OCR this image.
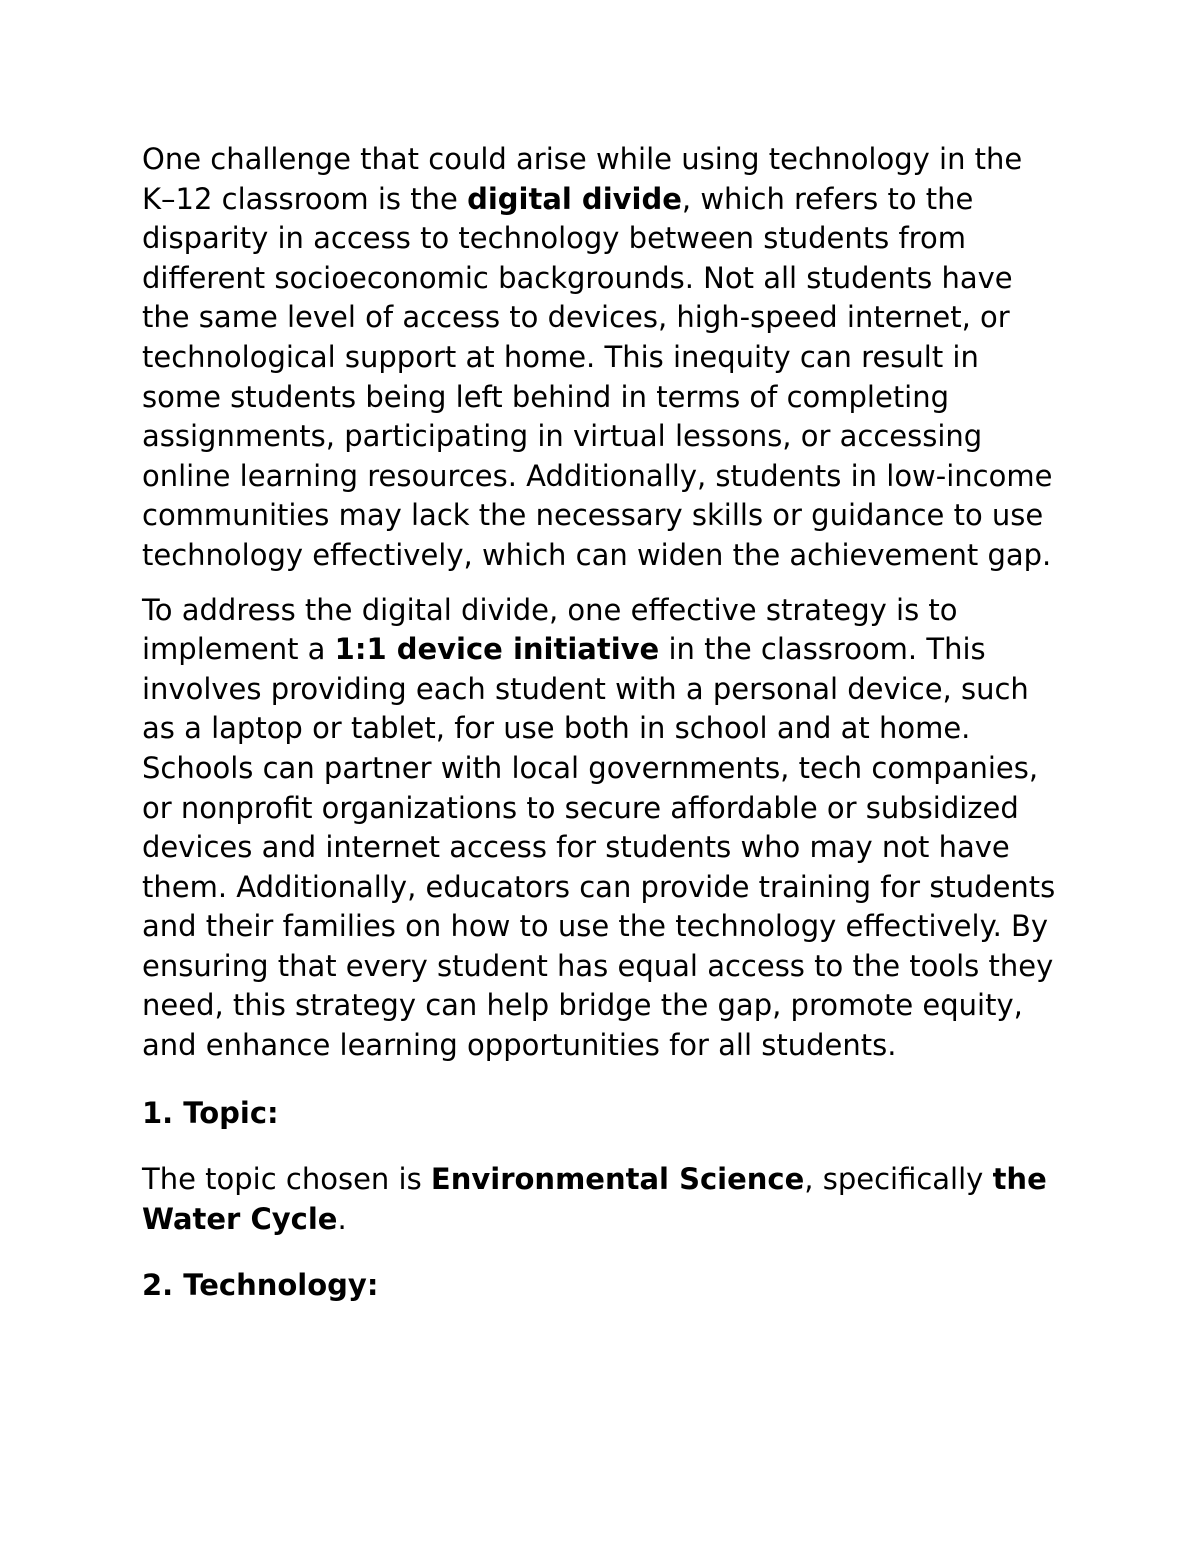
One challenge that could arise while using technology in the K–12 classroom is the digital divide, which refers to the disparity in access to technology between students from different socioeconomic backgrounds. Not all students have the same level of access to devices, high-speed internet, or technological support at home. This inequity can result in some students being left behind in terms of completing assignments, participating in virtual lessons, or accessing online learning resources. Additionally, students in low-income communities may lack the necessary skills or guidance to use technology effectively, which can widen the achievement gap.

To address the digital divide, one effective strategy is to implement a 1:1 device initiative in the classroom. This involves providing each student with a personal device, such as a laptop or tablet, for use both in school and at home. Schools can partner with local governments, tech companies, or nonprofit organizations to secure affordable or subsidized devices and internet access for students who may not have them. Additionally, educators can provide training for students and their families on how to use the technology effectively. By ensuring that every student has equal access to the tools they need, this strategy can help bridge the gap, promote equity, and enhance learning opportunities for all students.

1. Topic:

The topic chosen is Environmental Science, specifically the Water Cycle.

2. Technology:
